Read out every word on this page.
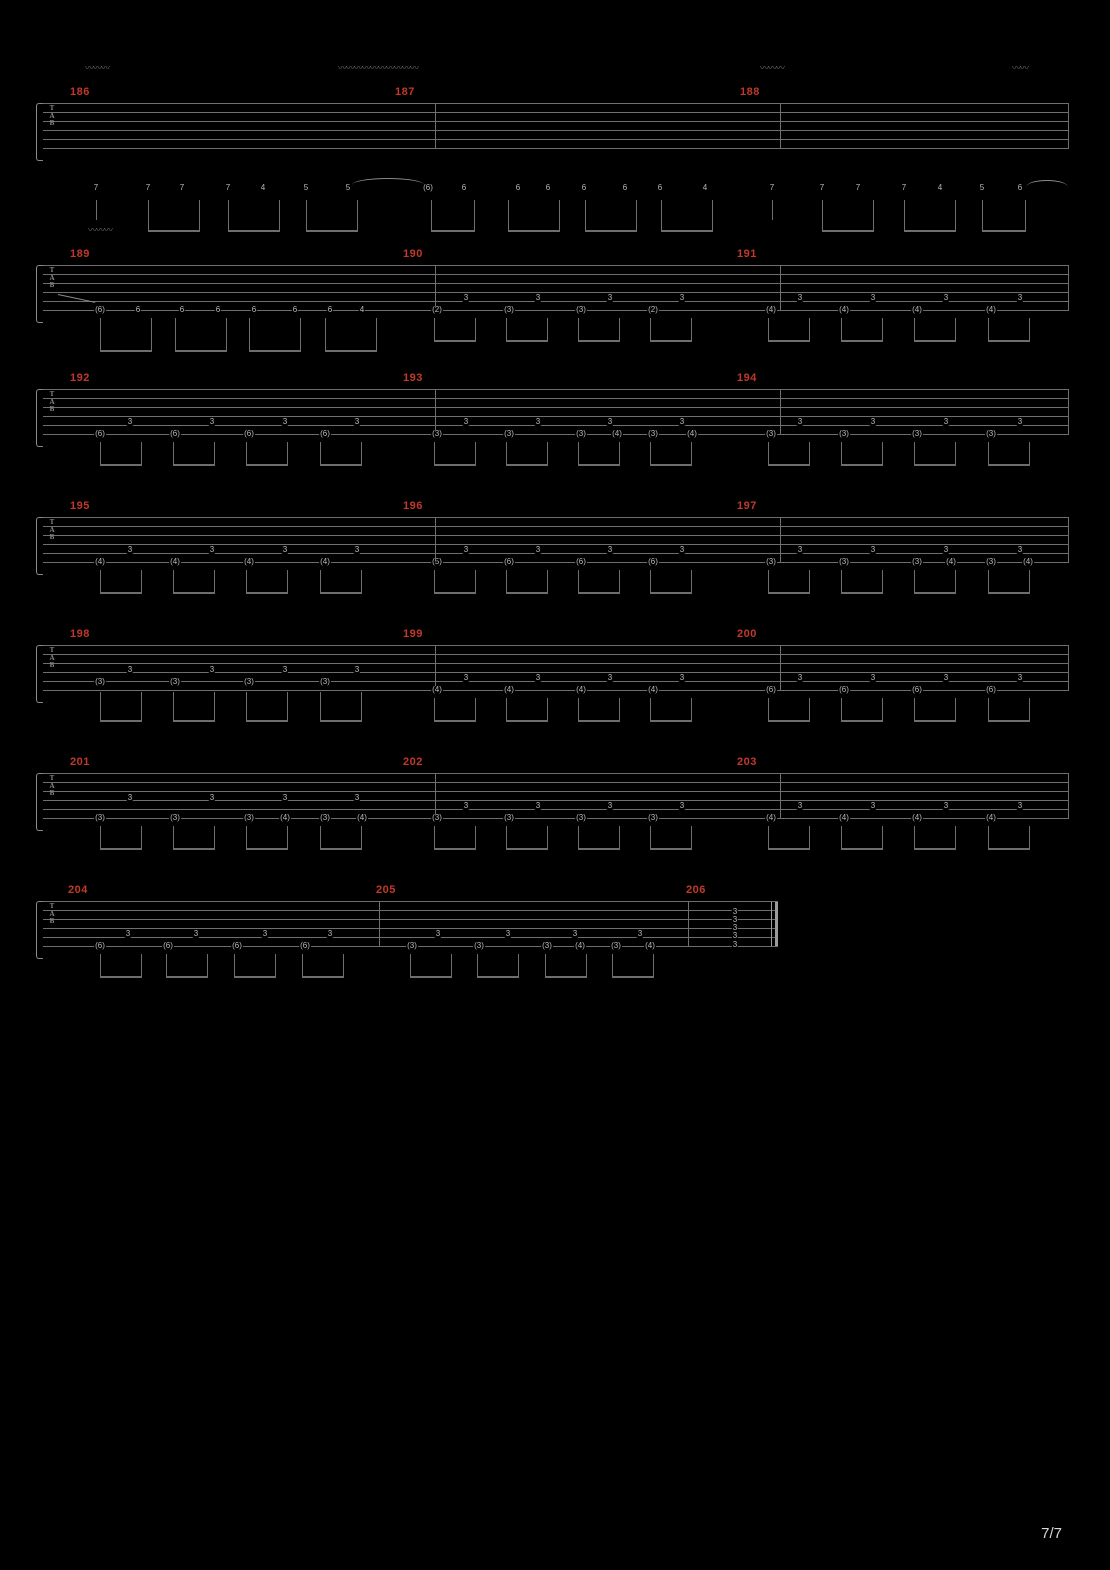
〰〰〰	〰〰〰〰〰〰〰〰〰〰	〰〰〰	〰〰
186	187	188
T
A
B
7	7	7	7	4	5	5	(6)	6	6	6	6	6	6	4	7	7	7	7	4	5	6
〰〰〰
189	190	191
T
A
B
(6)	6	6	6	6	6	6	4
3	3	3	3
(2)	(3)	(3)	(2)
3	3	3	3
(4)	(4)	(4)	(4)
192	193	194
T
A
B
3	3	3	3
(6)	(6)	(6)	(6)
3	3	3	3
(3)	(3)	(3)	(4)	(3)	(4)
3	3	3	3
(3)	(3)	(3)	(3)
195	196	197
T
A
B
3	3	3	3
(4)	(4)	(4)	(4)
3	3	3	3
(5)	(6)	(6)	(6)
3	3	3	3
(3)	(3)	(3)	(4)	(3)	(4)
198	199	200
T
A
B	3	3	3	3
(3)	(3)	(3)	(3)	3	3	3	3
(4)	(4)	(4)	(4)
3	3	3	3
(6)	(6)	(6)	(6)
201	202	203
T
A
B	3	3	3	3
(3)	(3)	(3)	(4)	(3)	(4)
3	3	3	3
(3)	(3)	(3)	(3)
3	3	3	3
(4)	(4)	(4)	(4)
204	205	206
T
A
B
3	3	3	3
(6)	(6)	(6)	(6)
3	3	3	3
(3)	(3)	(3)	(4)	(3)	(4)
3
3
3
3
3
7/7
